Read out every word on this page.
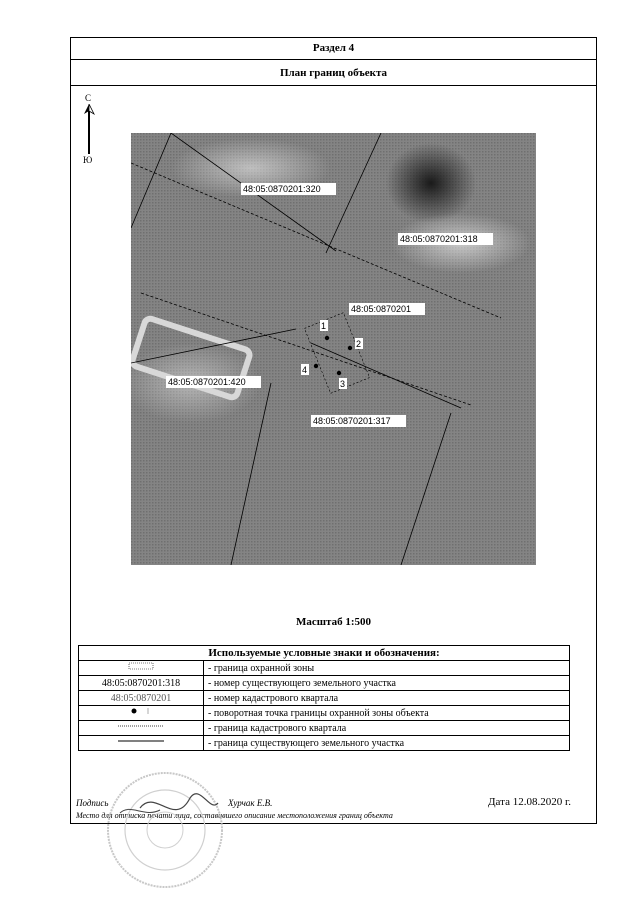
Раздел 4
План границ объекта
С
Ю
48:05:0870201:320
48:05:0870201:318
48:05:0870201
48:05:0870201:420
48:05:0870201:317
1
2
3
4
Масштаб 1:500
Используемые условные знаки и обозначения:	
	- граница охранной зоны
48:05:0870201:318	- номер существующего земельного участка
48:05:0870201	- номер кадастрового квартала
	- поворотная точка границы охранной зоны объекта
	- граница кадастрового квартала
	- граница существующего земельного участка
Подпись	Хурчак Е.В.	Дата 12.08.2020 г.
Место для оттиска печати лица, составившего описание местоположения границ объекта
